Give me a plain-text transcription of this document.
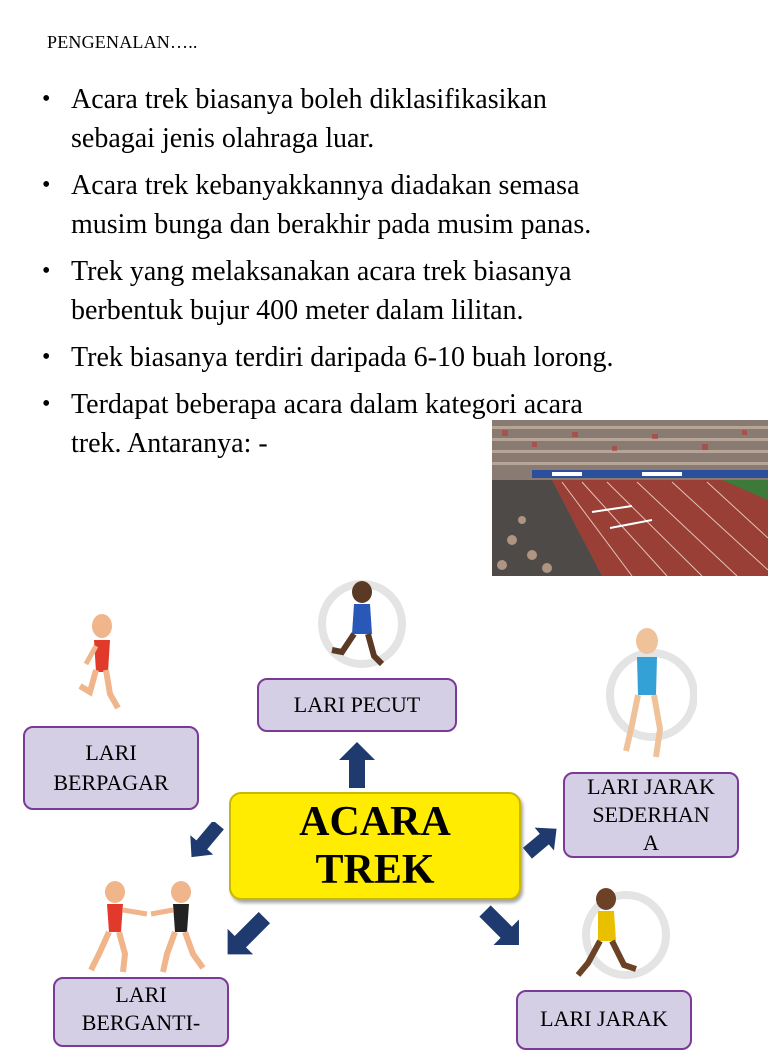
PENGENALAN…..
• Acara trek biasanya boleh diklasifikasikan
sebagai jenis olahraga luar.
• Acara trek kebanyakkannya diadakan semasa
musim bunga dan berakhir pada musim panas.
• Trek yang melaksanakan acara trek biasanya
berbentuk bujur 400 meter dalam lilitan.
• Trek biasanya terdiri daripada 6-10 buah lorong.
• Terdapat beberapa acara dalam kategori acara
trek. Antaranya: -
LARI PECUT
LARI
BERPAGAR	LARI JARAK
SEDERHAN
A
ACARA
TREK
LARI
BERGANTI-	LARI JARAK
